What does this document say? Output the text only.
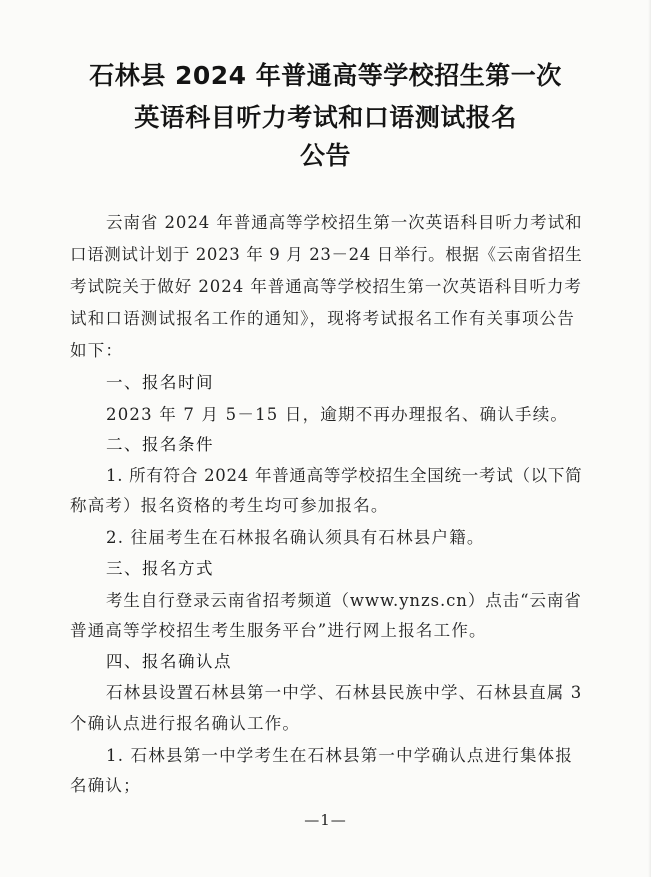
石林县 2024 年普通高等学校招生第一次
英语科目听力考试和口语测试报名
公告
云南省 2024 年普通高等学校招生第一次英语科目听力考试和
口语测试计划于 2023 年 9 月 23－24 日举行。根据《云南省招生
考试院关于做好 2024 年普通高等学校招生第一次英语科目听力考
试和口语测试报名工作的通知》，现将考试报名工作有关事项公告
如下：
一、报名时间
2023 年 7 月 5－15 日，逾期不再办理报名、确认手续。
二、报名条件
1. 所有符合 2024 年普通高等学校招生全国统一考试（以下简
称高考）报名资格的考生均可参加报名。
2. 往届考生在石林报名确认须具有石林县户籍。
三、报名方式
考生自行登录云南省招考频道（www.ynzs.cn）点击“云南省
普通高等学校招生考生服务平台”进行网上报名工作。
四、报名确认点
石林县设置石林县第一中学、石林县民族中学、石林县直属 3
个确认点进行报名确认工作。
1. 石林县第一中学考生在石林县第一中学确认点进行集体报
名确认；
—1—
